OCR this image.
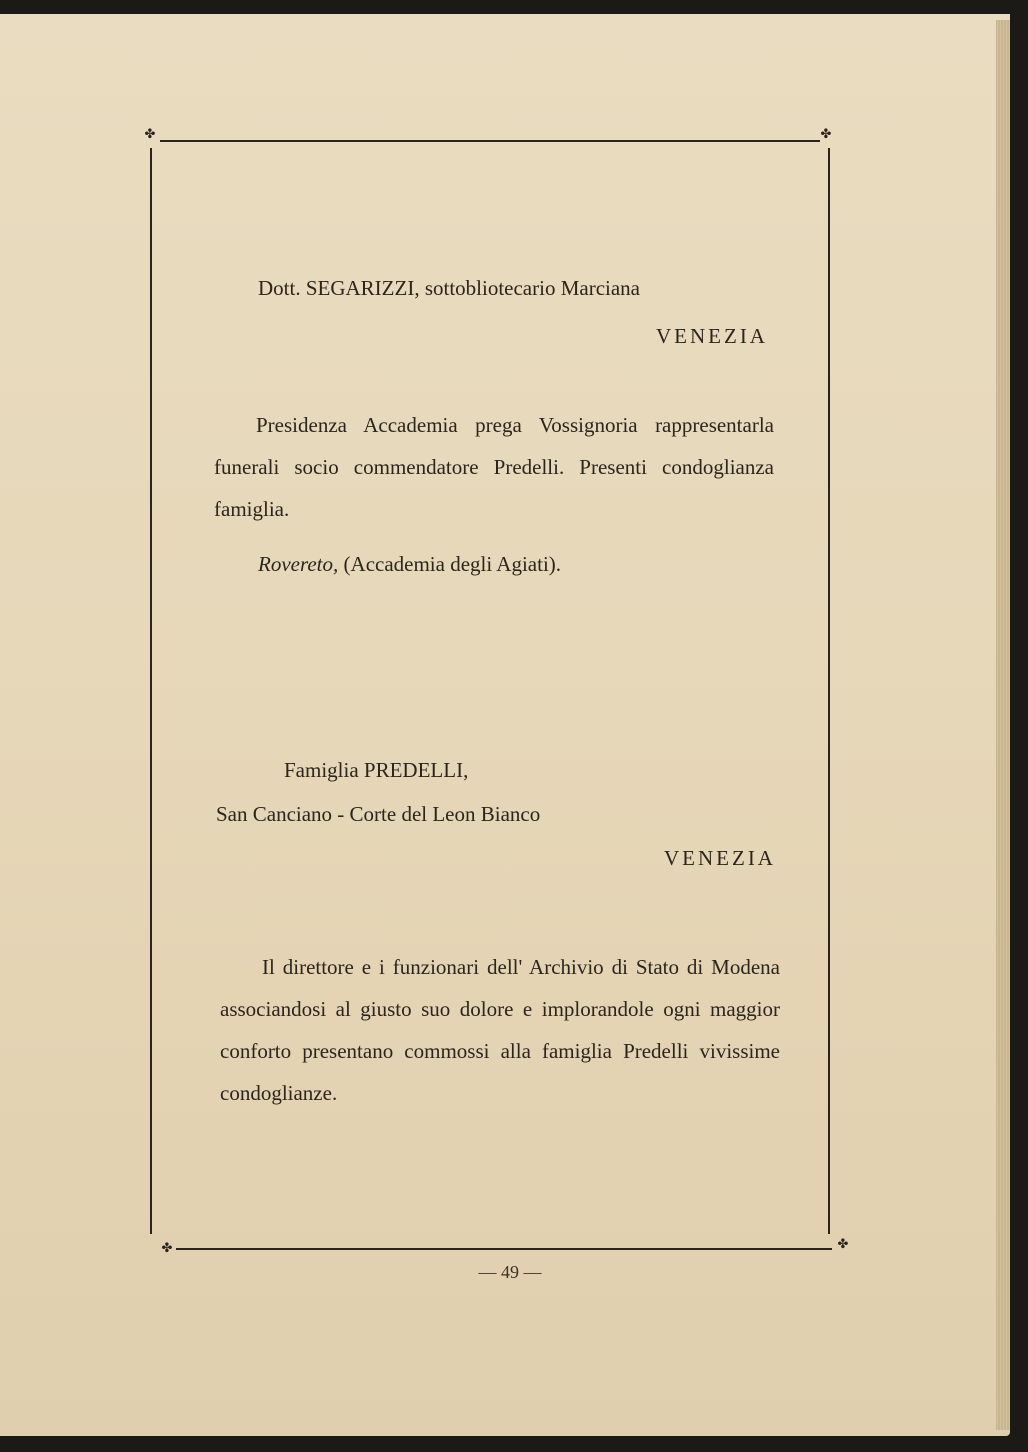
✤	✤
✤	✤
Dott. SEGARIZZI, sottobliotecario Marciana
VENEZIA
Presidenza Accademia prega Vossignoria rappresentarla funerali socio commendatore Predelli. Presenti condoglianza famiglia.
Rovereto, (Accademia degli Agiati).
Famiglia PREDELLI,
San Canciano - Corte del Leon Bianco
VENEZIA
Il direttore e i funzionari dell' Archivio di Stato di Modena associandosi al giusto suo dolore e implorandole ogni maggior conforto presentano commossi alla famiglia Predelli vivissime condoglianze.
— 49 —
